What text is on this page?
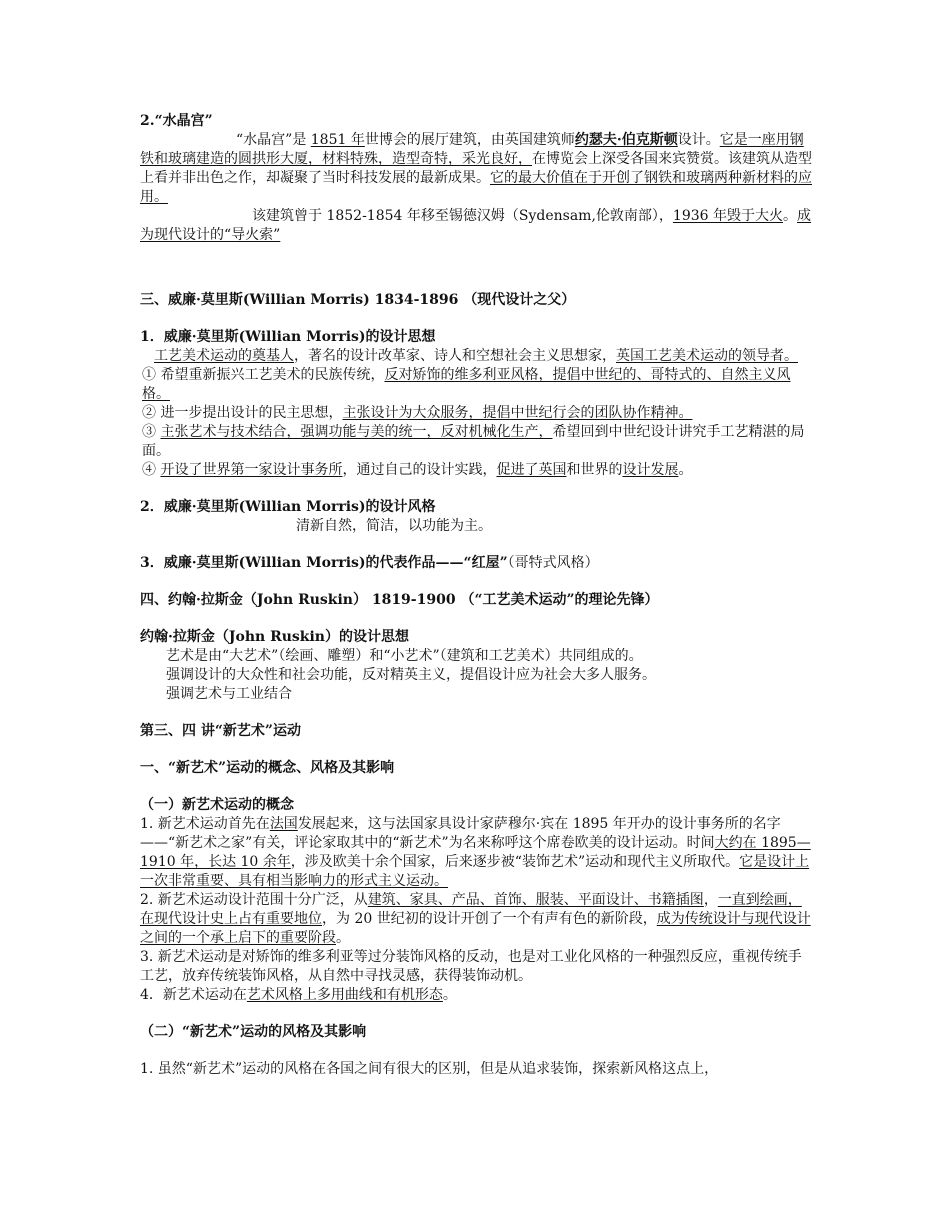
2.“水晶宫”

“水晶宫”是 1851 年世博会的展厅建筑，由英国建筑师约瑟夫·伯克斯顿设计。它是一座用钢铁和玻璃建造的圆拱形大厦，材料特殊，造型奇特，采光良好，在博览会上深受各国来宾赞赏。该建筑从造型上看并非出色之作，却凝聚了当时科技发展的最新成果。它的最大价值在于开创了钢铁和玻璃两种新材料的应用。

该建筑曾于 1852-1854 年移至锡德汉姆（Sydensam,伦敦南部），1936 年毁于大火。成为现代设计的“导火索”

三、威廉·莫里斯(Willian Morris) 1834-1896 （现代设计之父）

1．威廉·莫里斯(Willian Morris)的设计思想

工艺美术运动的奠基人，著名的设计改革家、诗人和空想社会主义思想家，英国工艺美术运动的领导者。

① 希望重新振兴工艺美术的民族传统，反对矫饰的维多利亚风格，提倡中世纪的、哥特式的、自然主义风格。

② 进一步提出设计的民主思想，主张设计为大众服务，提倡中世纪行会的团队协作精神。

③ 主张艺术与技术结合，强调功能与美的统一，反对机械化生产，希望回到中世纪设计讲究手工艺精湛的局面。

④ 开设了世界第一家设计事务所，通过自己的设计实践，促进了英国和世界的设计发展。

2．威廉·莫里斯(Willian Morris)的设计风格

清新自然，简洁，以功能为主。

3．威廉·莫里斯(Willian Morris)的代表作品——“红屋”（哥特式风格）

四、约翰·拉斯金（John Ruskin） 1819-1900 （“工艺美术运动”的理论先锋）

约翰·拉斯金（John Ruskin）的设计思想

艺术是由“大艺术”（绘画、雕塑）和“小艺术”（建筑和工艺美术）共同组成的。

强调设计的大众性和社会功能，反对精英主义，提倡设计应为社会大多人服务。

强调艺术与工业结合

第三、四 讲“新艺术”运动

一、“新艺术”运动的概念、风格及其影响

（一）新艺术运动的概念

1. 新艺术运动首先在法国发展起来，这与法国家具设计家萨穆尔·宾在 1895 年开办的设计事务所的名字——“新艺术之家”有关，评论家取其中的“新艺术”为名来称呼这个席卷欧美的设计运动。时间大约在 1895—1910 年，长达 10 余年，涉及欧美十余个国家，后来逐步被“装饰艺术”运动和现代主义所取代。它是设计上一次非常重要、具有相当影响力的形式主义运动。

2. 新艺术运动设计范围十分广泛，从建筑、家具、产品、首饰、服装、平面设计、书籍插图，一直到绘画，在现代设计史上占有重要地位，为 20 世纪初的设计开创了一个有声有色的新阶段，成为传统设计与现代设计之间的一个承上启下的重要阶段。

3. 新艺术运动是对矫饰的维多利亚等过分装饰风格的反动，也是对工业化风格的一种强烈反应，重视传统手工艺，放弃传统装饰风格，从自然中寻找灵感，获得装饰动机。

4．新艺术运动在艺术风格上多用曲线和有机形态。

（二）“新艺术”运动的风格及其影响

1. 虽然“新艺术”运动的风格在各国之间有很大的区别，但是从追求装饰，探索新风格这点上，
